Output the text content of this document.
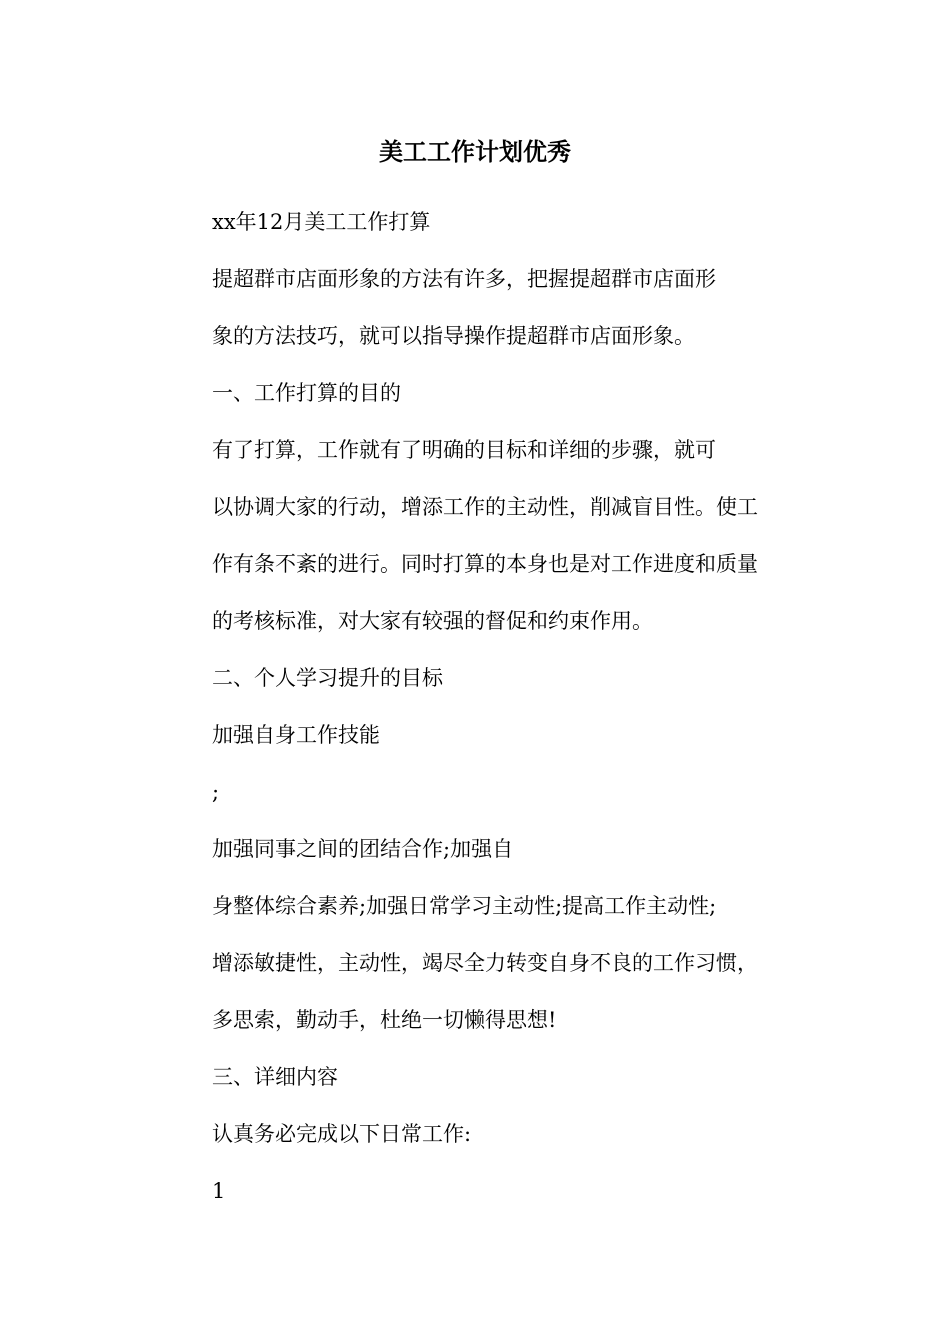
美工工作计划优秀
xx年12月美工工作打算
提超群市店面形象的方法有许多，把握提超群市店面形
象的方法技巧，就可以指导操作提超群市店面形象。
一、工作打算的目的
有了打算，工作就有了明确的目标和详细的步骤，就可
以协调大家的行动，增添工作的主动性，削减盲目性。使工
作有条不紊的进行。同时打算的本身也是对工作进度和质量
的考核标准，对大家有较强的督促和约束作用。
二、个人学习提升的目标
加强自身工作技能
;
加强同事之间的团结合作;加强自
身整体综合素养;加强日常学习主动性;提高工作主动性;
增添敏捷性，主动性，竭尽全力转变自身不良的工作习惯，
多思索，勤动手，杜绝一切懒得思想!
三、详细内容
认真务必完成以下日常工作:
1
